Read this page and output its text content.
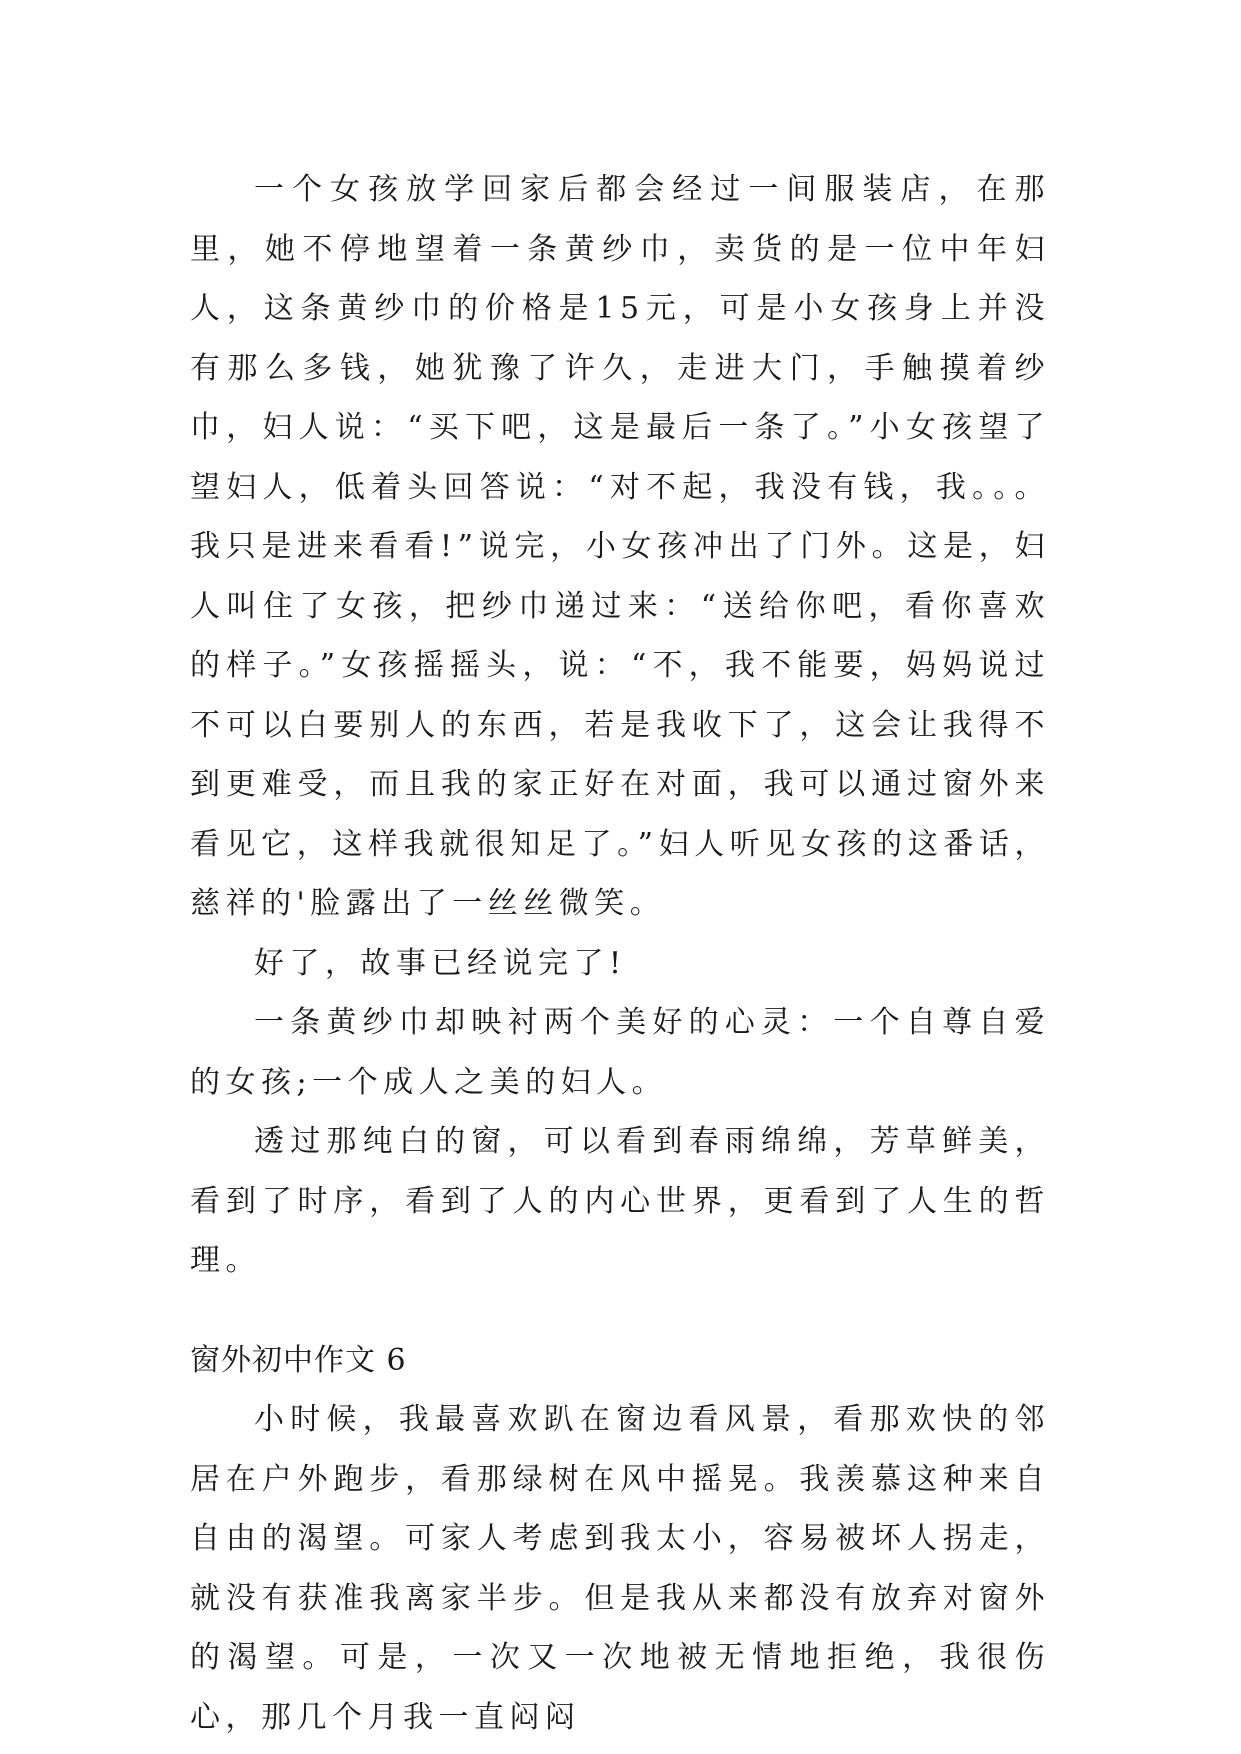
一个女孩放学回家后都会经过一间服装店，在那里，她不停地望着一条黄纱巾，卖货的是一位中年妇人，这条黄纱巾的价格是15元，可是小女孩身上并没有那么多钱，她犹豫了许久，走进大门，手触摸着纱巾，妇人说：“买下吧，这是最后一条了。”小女孩望了望妇人，低着头回答说：“对不起，我没有钱，我。。。我只是进来看看!”说完，小女孩冲出了门外。这是，妇人叫住了女孩，把纱巾递过来：“送给你吧，看你喜欢的样子。”女孩摇摇头，说：“不，我不能要，妈妈说过不可以白要别人的东西，若是我收下了，这会让我得不到更难受，而且我的家正好在对面，我可以通过窗外来看见它，这样我就很知足了。”妇人听见女孩的这番话，慈祥的'脸露出了一丝丝微笑。

好了，故事已经说完了!

一条黄纱巾却映衬两个美好的心灵：一个自尊自爱的女孩;一个成人之美的妇人。

透过那纯白的窗，可以看到春雨绵绵，芳草鲜美，看到了时序，看到了人的内心世界，更看到了人生的哲理。

窗外初中作文 6

小时候，我最喜欢趴在窗边看风景，看那欢快的邻居在户外跑步，看那绿树在风中摇晃。我羡慕这种来自自由的渴望。可家人考虑到我太小，容易被坏人拐走，就没有获准我离家半步。但是我从来都没有放弃对窗外的渴望。可是，一次又一次地被无情地拒绝，我很伤心，那几个月我一直闷闷
